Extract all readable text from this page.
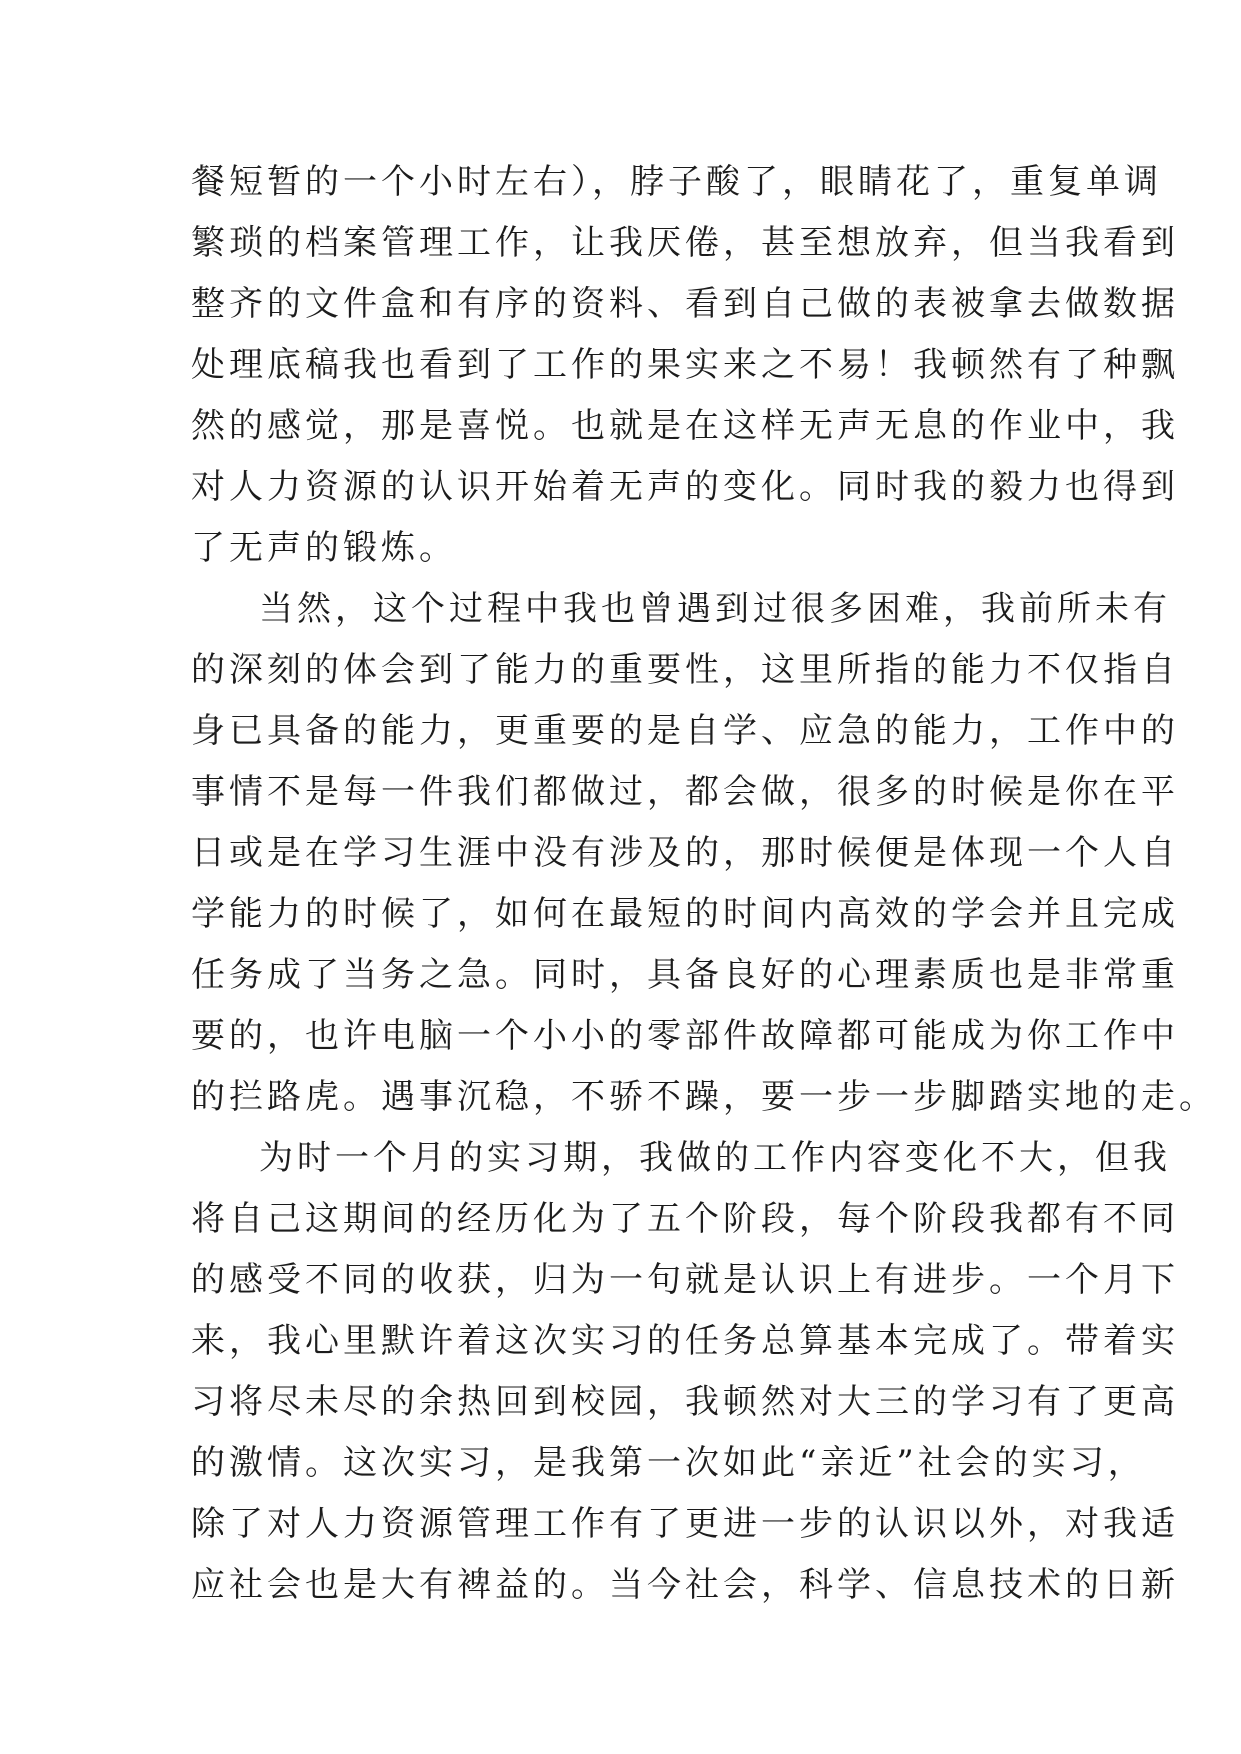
餐短暂的一个小时左右），脖子酸了，眼睛花了，重复单调
繁琐的档案管理工作，让我厌倦，甚至想放弃，但当我看到
整齐的文件盒和有序的资料、看到自己做的表被拿去做数据
处理底稿我也看到了工作的果实来之不易！我顿然有了种飘
然的感觉，那是喜悦。也就是在这样无声无息的作业中，我
对人力资源的认识开始着无声的变化。同时我的毅力也得到
了无声的锻炼。
当然，这个过程中我也曾遇到过很多困难，我前所未有
的深刻的体会到了能力的重要性，这里所指的能力不仅指自
身已具备的能力，更重要的是自学、应急的能力，工作中的
事情不是每一件我们都做过，都会做，很多的时候是你在平
日或是在学习生涯中没有涉及的，那时候便是体现一个人自
学能力的时候了，如何在最短的时间内高效的学会并且完成
任务成了当务之急。同时，具备良好的心理素质也是非常重
要的，也许电脑一个小小的零部件故障都可能成为你工作中
的拦路虎。遇事沉稳，不骄不躁，要一步一步脚踏实地的走。
为时一个月的实习期，我做的工作内容变化不大，但我
将自己这期间的经历化为了五个阶段，每个阶段我都有不同
的感受不同的收获，归为一句就是认识上有进步。一个月下
来，我心里默许着这次实习的任务总算基本完成了。带着实
习将尽未尽的余热回到校园，我顿然对大三的学习有了更高
的激情。这次实习，是我第一次如此“亲近”社会的实习，
除了对人力资源管理工作有了更进一步的认识以外，对我适
应社会也是大有裨益的。当今社会，科学、信息技术的日新
